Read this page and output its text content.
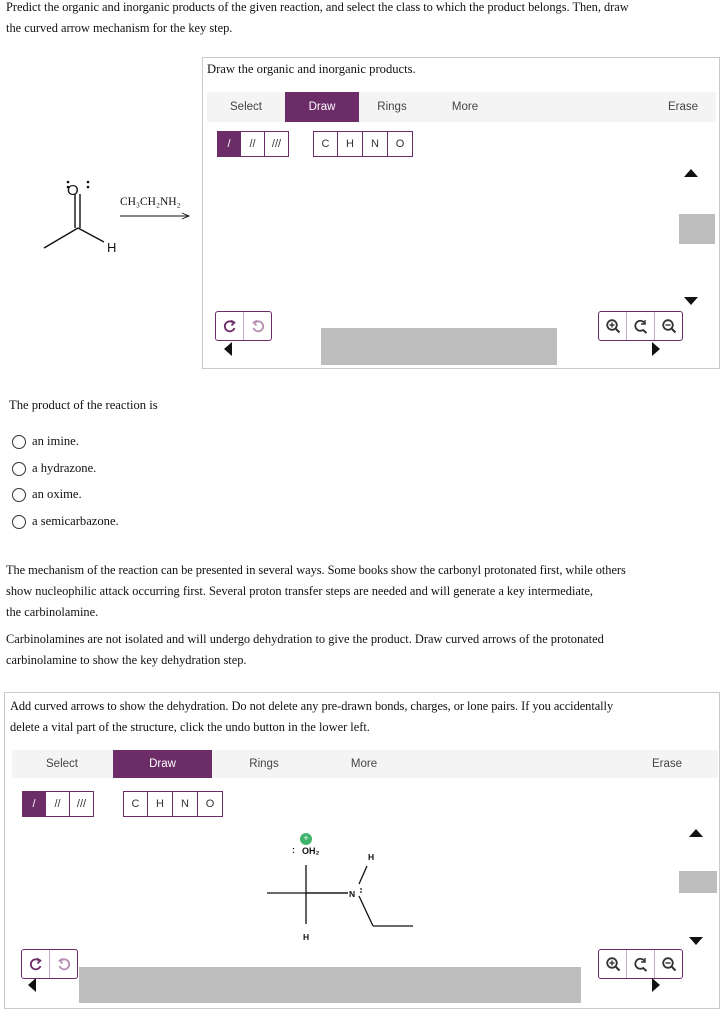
Predict the organic and inorganic products of the given reaction, and select the class to which the product belongs. Then, draw

the curved arrow mechanism for the key step.

O
H
CH₃CH₂NH₂
Draw the organic and inorganic products.
Select	Draw	Rings	More	Erase
/	//	///	C	H	N	O
The product of the reaction is
an imine.
a hydrazone.
an oxime.
a semicarbazone.

The mechanism of the reaction can be presented in several ways. Some books show the carbonyl protonated first, while others

show nucleophilic attack occurring first. Several proton transfer steps are needed and will generate a key intermediate,

the carbinolamine.

Carbinolamines are not isolated and will undergo dehydration to give the product. Draw curved arrows of the protonated

carbinolamine to show the key dehydration step.

Add curved arrows to show the dehydration. Do not delete any pre-drawn bonds, charges, or lone pairs. If you accidentally

delete a vital part of the structure, click the undo button in the lower left.

Select	Draw	Rings	More	Erase
/	//	///	C	H	N	O
+
: OH₂
H
N
H
